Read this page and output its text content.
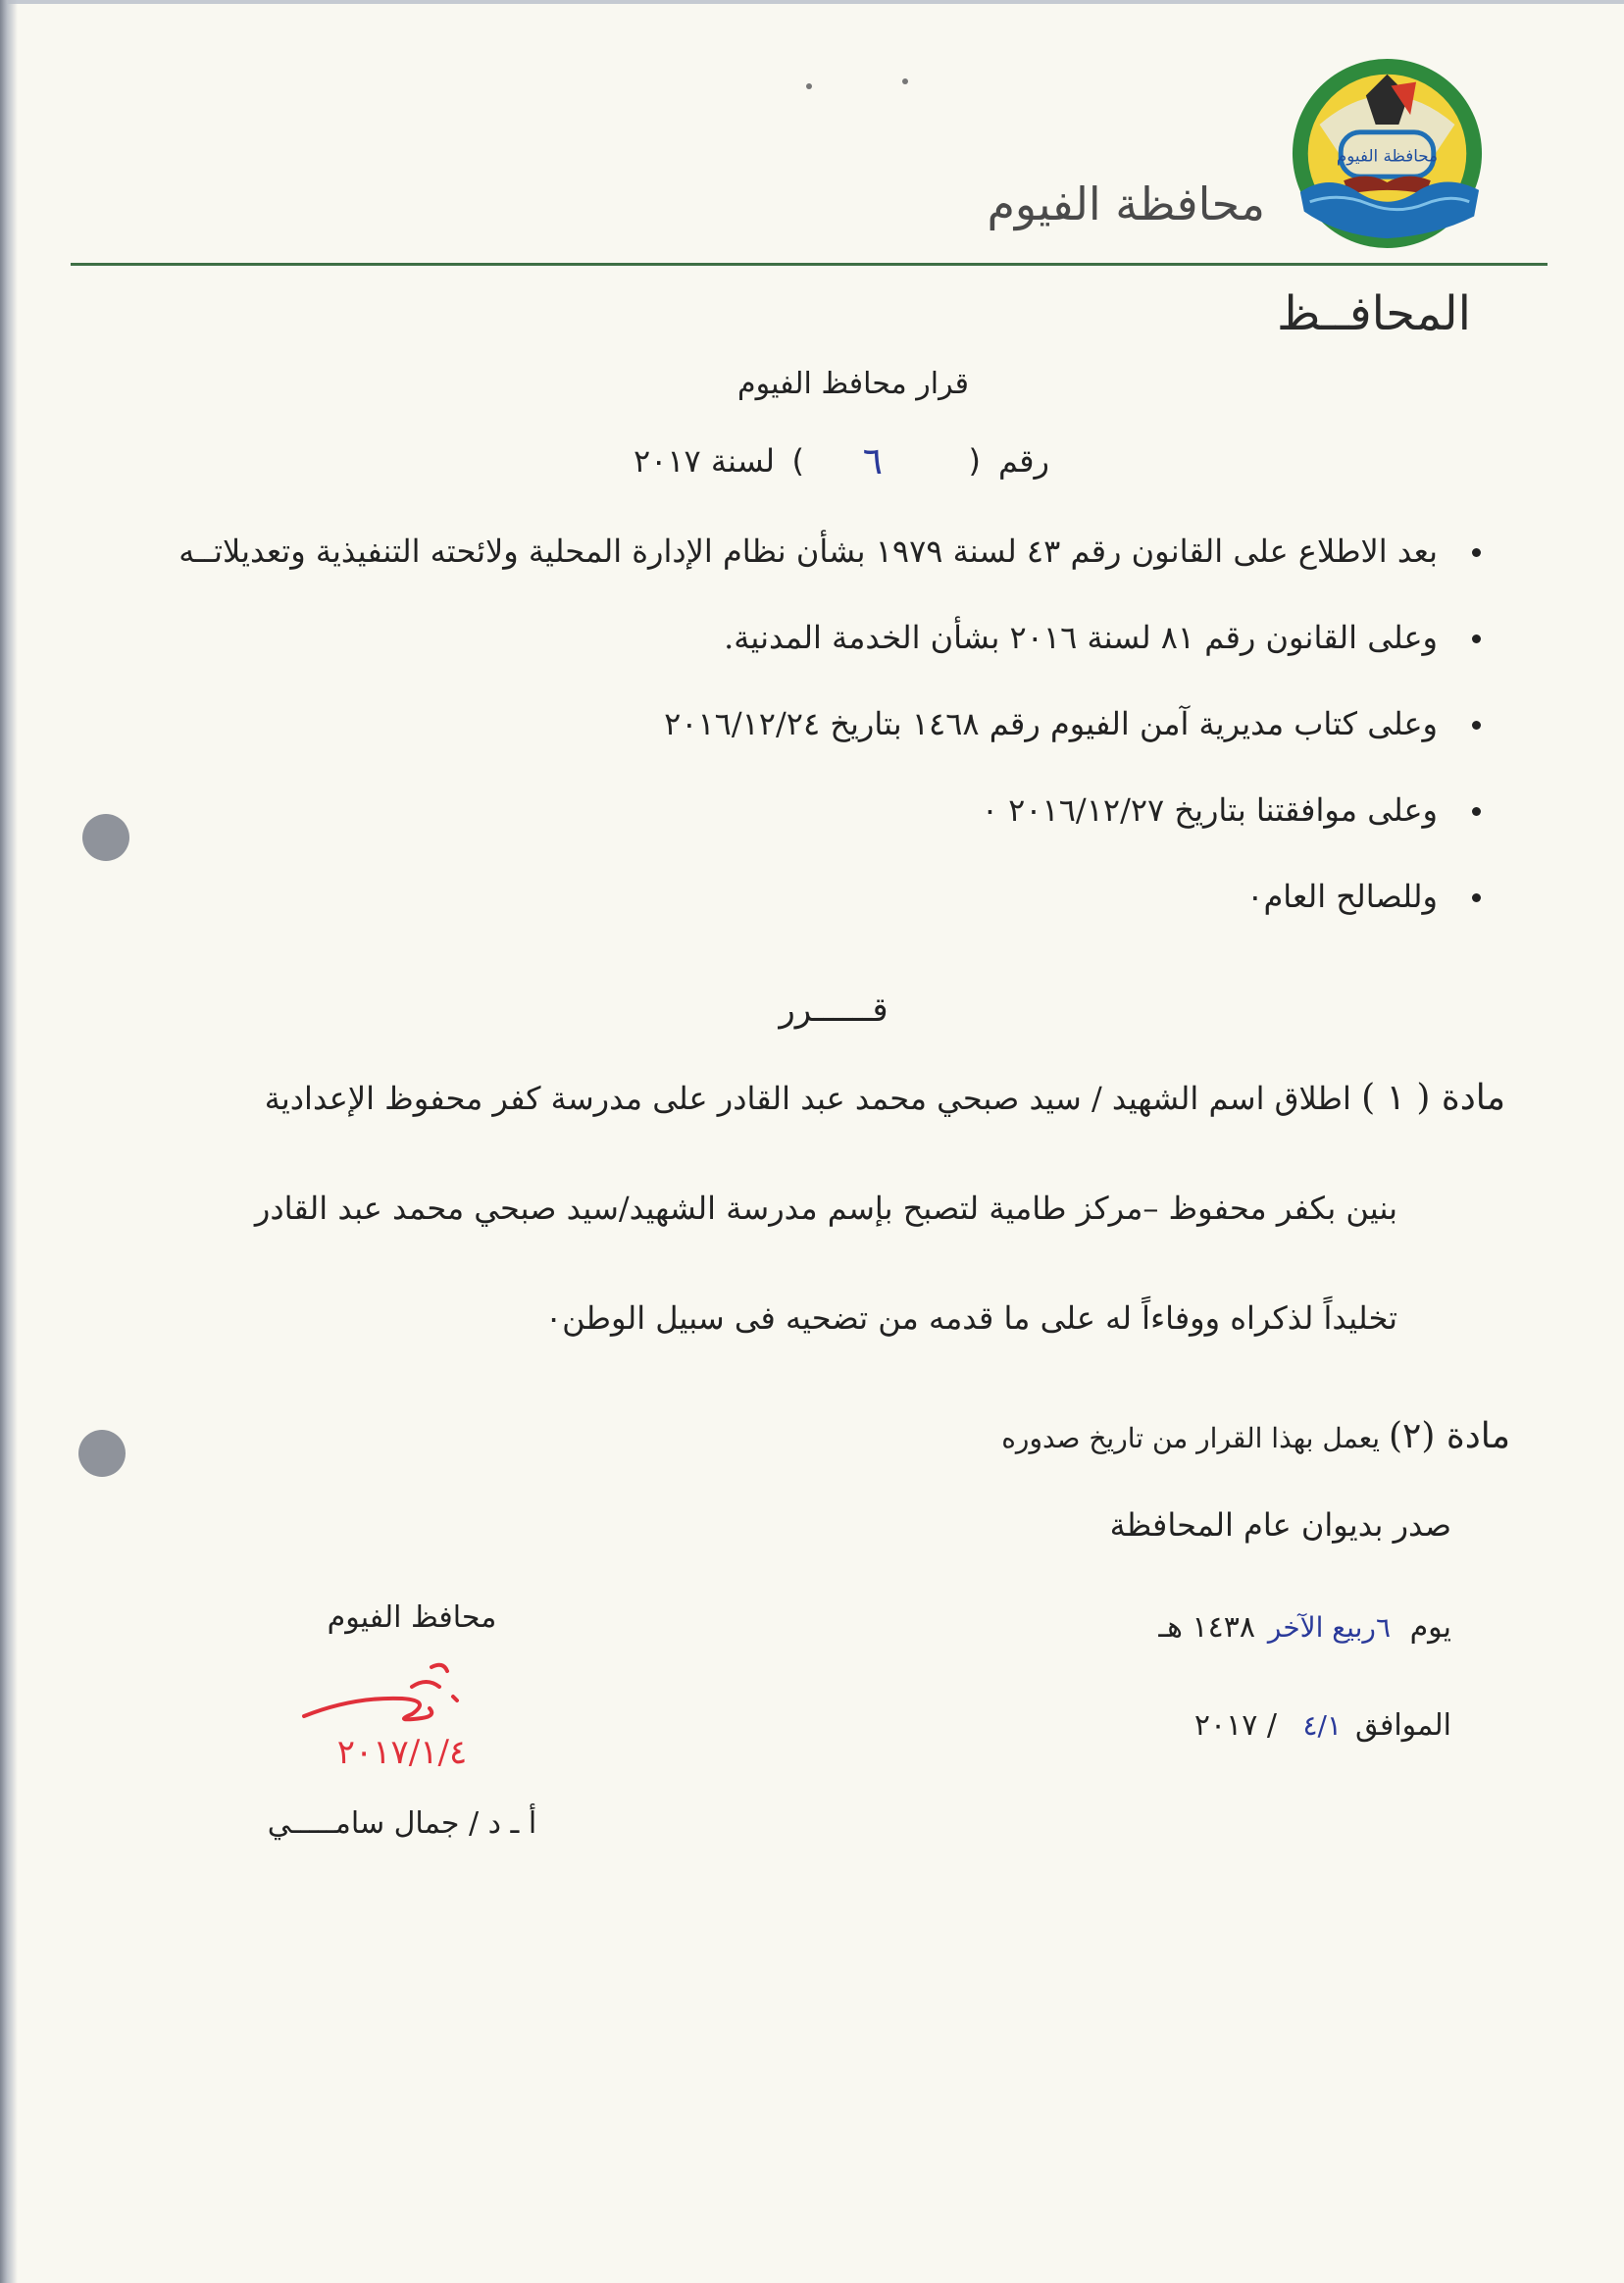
محافظة الفيوم
محافظة الفيوم
المحافــظ
قرار محافظ الفيوم
رقم
(
٦
)
لسنة ٢٠١٧
بعد الاطلاع على القانون رقم ٤٣ لسنة ١٩٧٩ بشأن نظام الإدارة المحلية ولائحته التنفيذية وتعديلاتــه
وعلى القانون رقم ٨١ لسنة ٢٠١٦ بشأن الخدمة المدنية.
وعلى كتاب مديرية آمن الفيوم رقم ١٤٦٨ بتاريخ ٢٠١٦/١٢/٢٤
وعلى موافقتنا بتاريخ ٢٠١٦/١٢/٢٧ ٠
وللصالح العام٠
قــــــرر
مادة ( ١ ) اطلاق اسم الشهيد / سيد صبحي محمد عبد القادر على مدرسة كفر محفوظ الإعدادية
بنين بكفر محفوظ –مركز طامية لتصبح بإسم مدرسة الشهيد/سيد صبحي محمد عبد القادر
تخليداً لذكراه ووفاءاً له على ما قدمه من تضحيه فى سبيل الوطن٠
مادة (٢) يعمل بهذا القرار من تاريخ صدوره
صدر بديوان عام المحافظة
يوم
٦ربيع الآخر
١٤٣٨ هـ
الموافق
٤/١
/ ٢٠١٧
محافظ الفيوم
٢٠١٧/١/٤
أ ـ د / جمال سامـــــي
